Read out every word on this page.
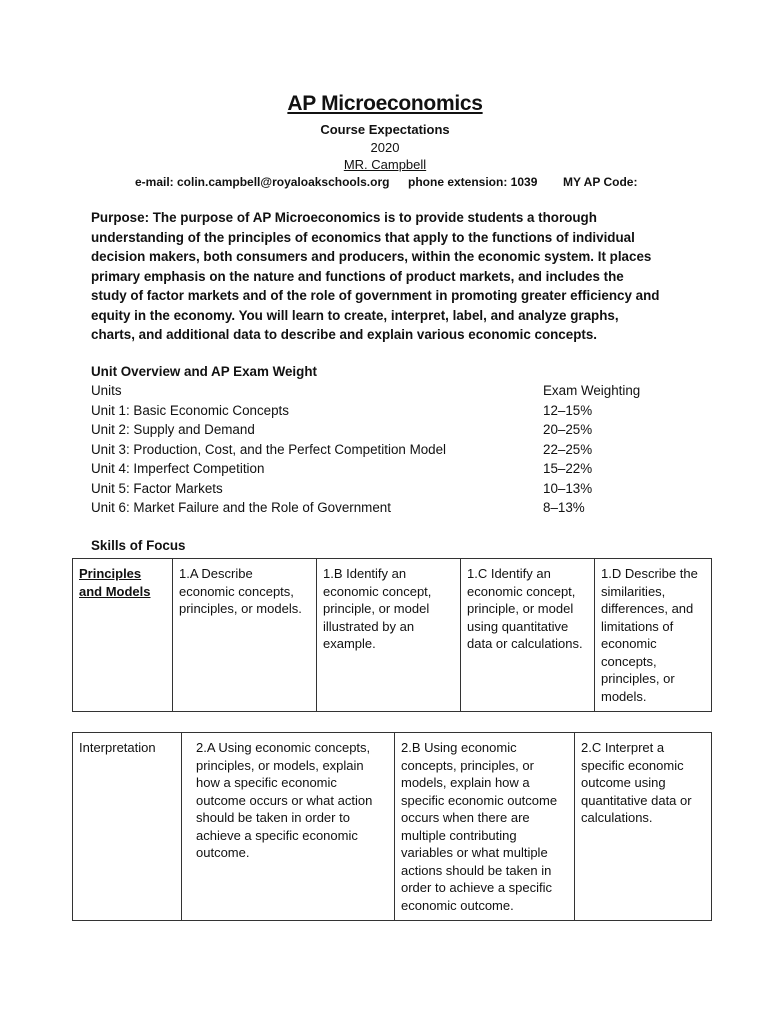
AP Microeconomics
Course Expectations
2020
MR. Campbell
e-mail: colin.campbell@royaloakschools.org phone extension: 1039 MY AP Code:
Purpose: The purpose of AP Microeconomics is to provide students a thorough
understanding of the principles of economics that apply to the functions of individual
decision makers, both consumers and producers, within the economic system. It places
primary emphasis on the nature and functions of product markets, and includes the
study of factor markets and of the role of government in promoting greater efficiency and
equity in the economy. You will learn to create, interpret, label, and analyze graphs,
charts, and additional data to describe and explain various economic concepts.
Unit Overview and AP Exam Weight
Units	Exam Weighting
Unit 1: Basic Economic Concepts	12–15%
Unit 2: Supply and Demand	20–25%
Unit 3: Production, Cost, and the Perfect Competition Model	22–25%
Unit 4: Imperfect Competition	15–22%
Unit 5: Factor Markets	10–13%
Unit 6: Market Failure and the Role of Government	8–13%
Skills of Focus
Principles and Models	1.A Describe economic concepts, principles, or models.	1.B Identify an economic concept, principle, or model illustrated by an example.	1.C Identify an economic concept, principle, or model using quantitative data or calculations.	1.D Describe the similarities, differences, and limitations of economic concepts, principles, or models.
Interpretation	2.A Using economic concepts, principles, or models, explain how a specific economic outcome occurs or what action should be taken in order to achieve a specific economic outcome.	2.B Using economic concepts, principles, or models, explain how a specific economic outcome occurs when there are multiple contributing variables or what multiple actions should be taken in order to achieve a specific economic outcome.	2.C Interpret a specific economic outcome using quantitative data or calculations.
